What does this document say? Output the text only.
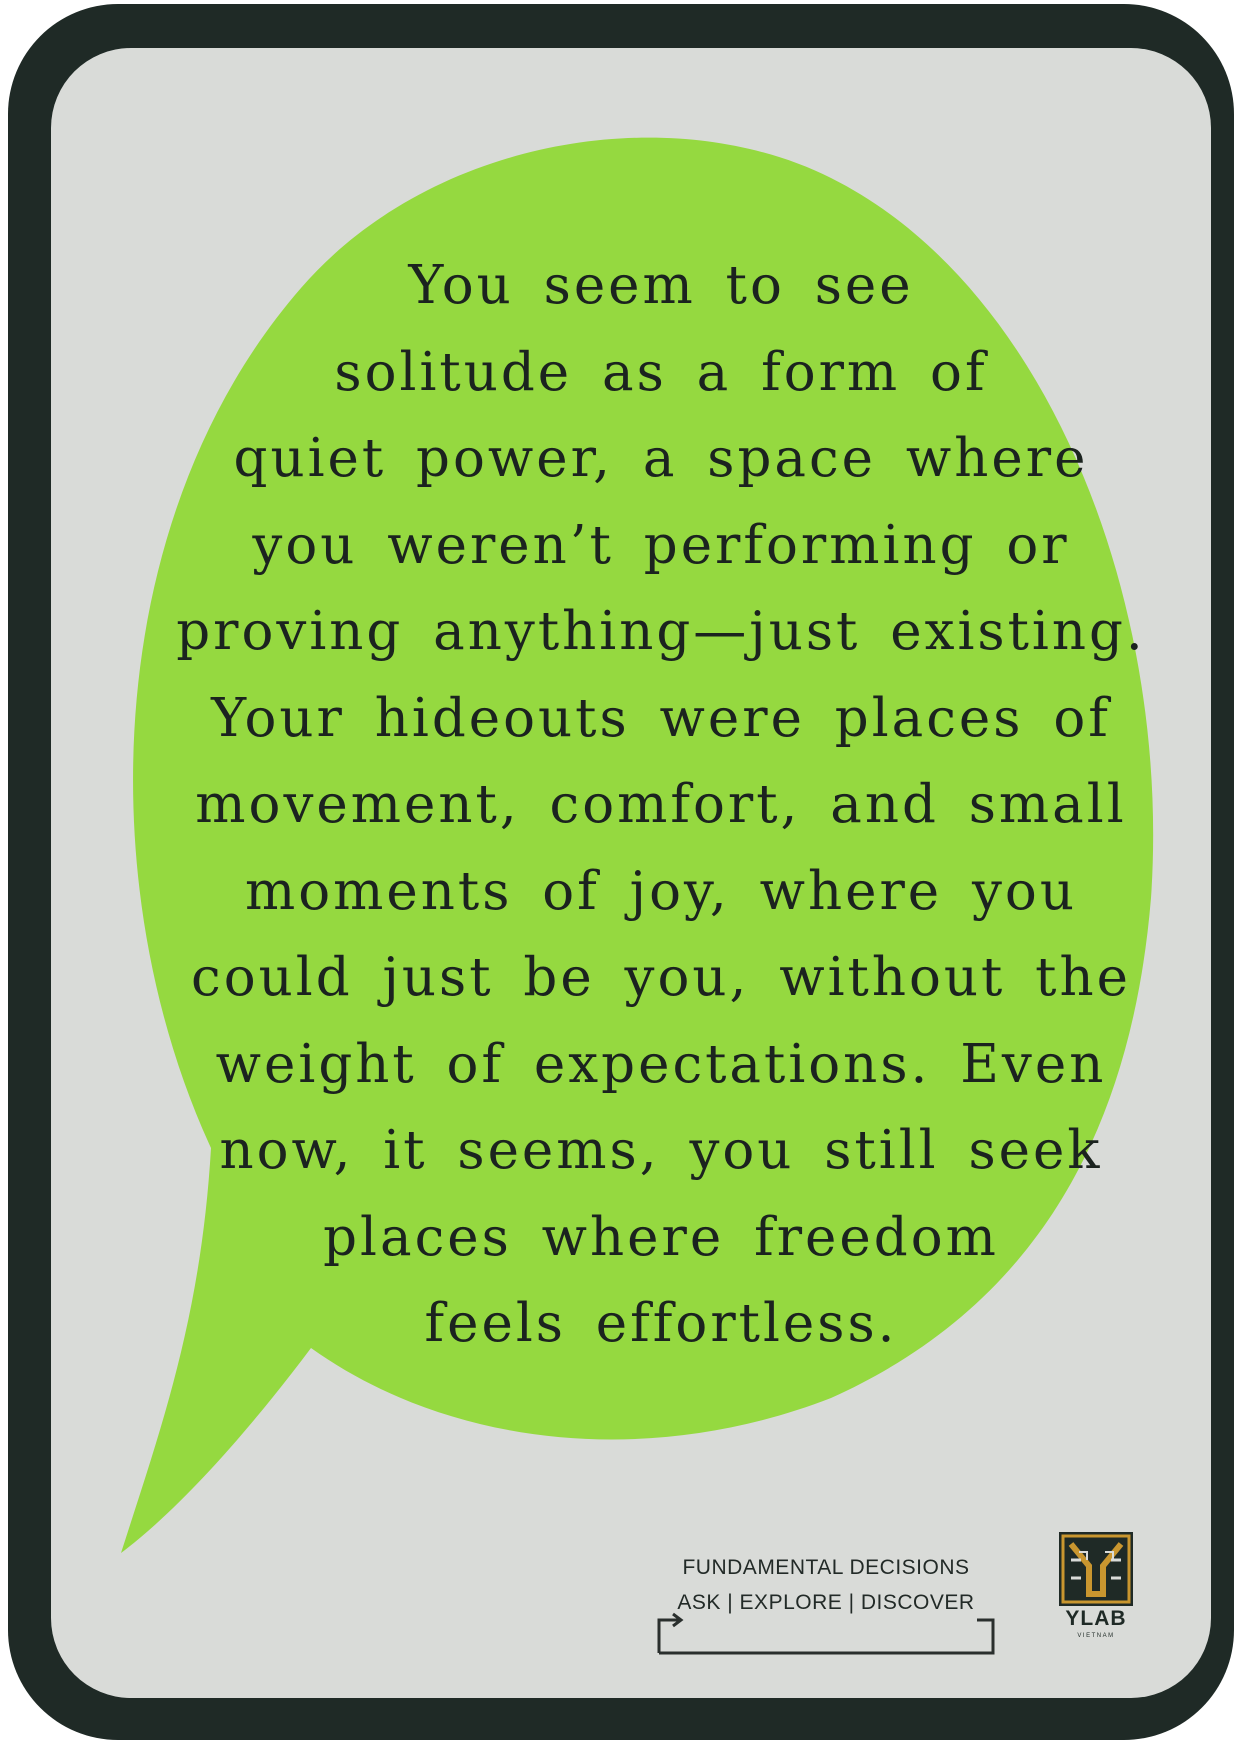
You seem to see
solitude as a form of
quiet power, a space where
you weren’t performing or
proving anything—just existing.
Your hideouts were places of
movement, comfort, and small
moments of joy, where you
could just be you, without the
weight of expectations. Even
now, it seems, you still seek
places where freedom
feels effortless.

FUNDAMENTAL DECISIONS
ASK | EXPLORE | DISCOVER
YLAB
VIETNAM
